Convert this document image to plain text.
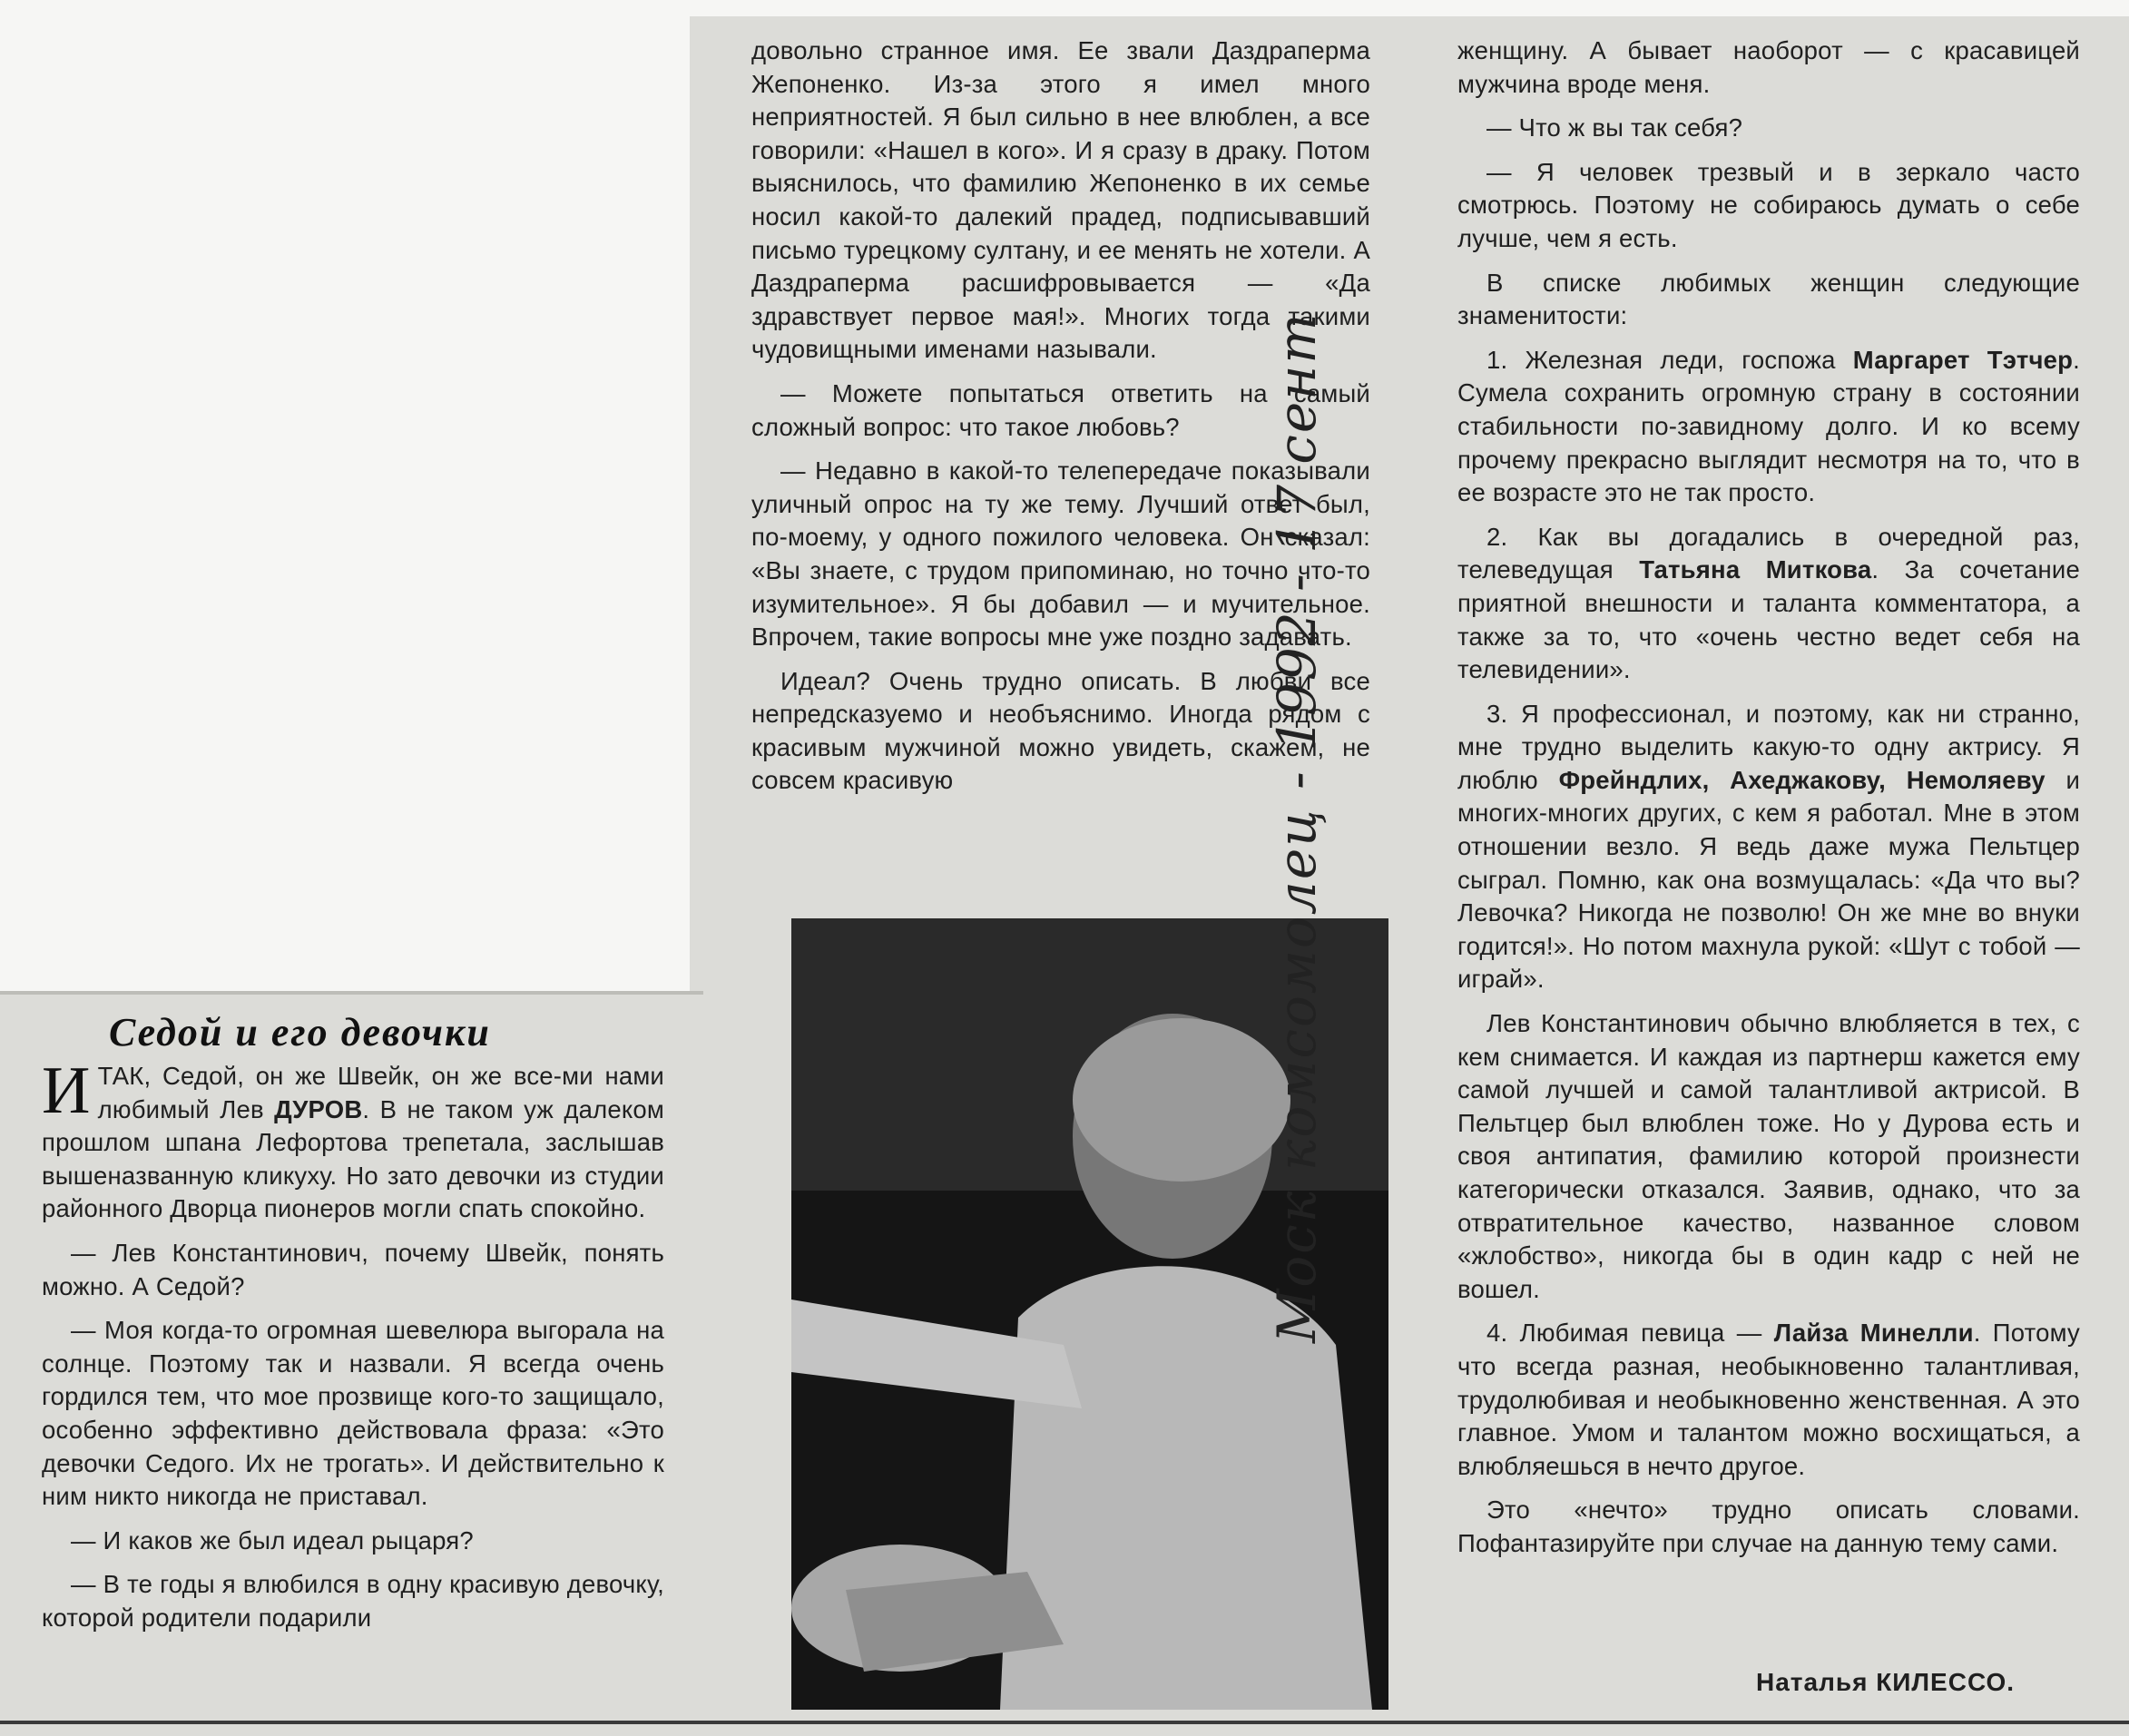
Седой и его девочки
И ТАК, Седой, он же Швейк, он же все-ми нами любимый Лев ДУРОВ. В не таком уж далеком прошлом шпана Лефортова трепетала, заслышав вышеназванную кликуху. Но зато девочки из студии районного Дворца пионеров могли спать спокойно.

— Лев Константинович, почему Швейк, понять можно. А Седой?

— Моя когда-то огромная шевелюра выгорала на солнце. Поэтому так и назвали. Я всегда очень гордился тем, что мое прозвище кого-то защищало, особенно эффективно действовала фраза: «Это девочки Седого. Их не трогать». И действительно к ним никто никогда не приставал.

— И каков же был идеал рыцаря?

— В те годы я влюбился в одну красивую девочку, которой родители подарили

довольно странное имя. Ее звали Даздраперма Жепоненко. Из-за этого я имел много неприятностей. Я был сильно в нее влюблен, а все говорили: «Нашел в кого». И я сразу в драку. Потом выяснилось, что фамилию Жепоненко в их семье носил какой-то далекий прадед, подписывавший письмо турецкому султану, и ее менять не хотели. А Даздраперма расшифровывается — «Да здравствует первое мая!». Многих тогда такими чудовищными именами называли.

— Можете попытаться ответить на самый сложный вопрос: что такое любовь?

— Недавно в какой-то телепередаче показывали уличный опрос на ту же тему. Лучший ответ был, по-моему, у одного пожилого человека. Он сказал: «Вы знаете, с трудом припоминаю, но точно что-то изумительное». Я бы добавил — и мучительное. Впрочем, такие вопросы мне уже поздно задавать.

Идеал? Очень трудно описать. В любви все непредсказуемо и необъяснимо. Иногда рядом с красивым мужчиной можно увидеть, скажем, не совсем красивую

женщину. А бывает наоборот — с красавицей мужчина вроде меня.

— Что ж вы так себя?

— Я человек трезвый и в зеркало часто смотрюсь. Поэтому не собираюсь думать о себе лучше, чем я есть.

В списке любимых женщин следующие знаменитости:

1. Железная леди, госпожа Маргарет Тэтчер. Сумела сохранить огромную страну в состоянии стабильности по-завидному долго. И ко всему прочему прекрасно выглядит несмотря на то, что в ее возрасте это не так просто.

2. Как вы догадались в очередной раз, телеведущая Татьяна Миткова. За сочетание приятной внешности и таланта комментатора, а также за то, что «очень честно ведет себя на телевидении».

3. Я профессионал, и поэтому, как ни странно, мне трудно выделить какую-то одну актрису. Я люблю Фрейндлих, Ахеджакову, Немоляеву и многих-многих других, с кем я работал. Мне в этом отношении везло. Я ведь даже мужа Пельтцер сыграл. Помню, как она возмущалась: «Да что вы? Левочка? Никогда не позволю! Он же мне во внуки годится!». Но потом махнула рукой: «Шут с тобой — играй».

Лев Константинович обычно влюбляется в тех, с кем снимается. И каждая из партнерш кажется ему самой лучшей и самой талантливой актрисой. В Пельтцер был влюблен тоже. Но у Дурова есть и своя антипатия, фамилию которой произнести категорически отказался. Заявив, однако, что за отвратительное качество, названное словом «жлобство», никогда бы в один кадр с ней не вошел.

4. Любимая певица — Лайза Минелли. Потому что всегда разная, необыкновенно талантливая, трудолюбивая и необыкновенно женственная. А это главное. Умом и талантом можно восхищаться, а влюбляешься в нечто другое.

Это «нечто» трудно описать словами. Пофантазируйте при случае на данную тему сами.

Моск комсомолец - 1992 - 17 сент
Наталья КИЛЕССО.
